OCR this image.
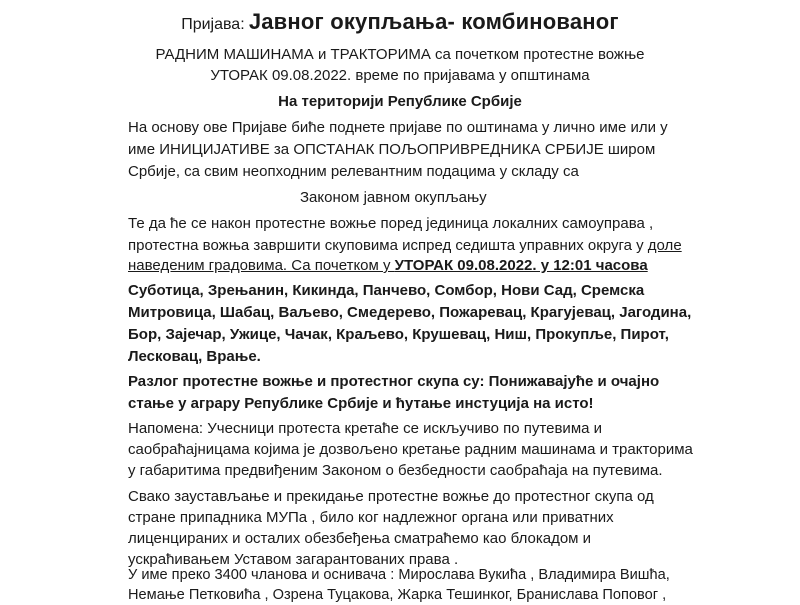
Пријава: Јавног окупљања- комбинованог
РАДНИМ МАШИНАМА и ТРАКТОРИМА са почетком протестне вожње
УТОРАК 09.08.2022. време по пријавама у општинама
На територији Републике Србије
На основу ове Пријаве биће поднете пријаве по оштинама у лично име или у
име ИНИЦИЈАТИВЕ за ОПСТАНАК ПОЉОПРИВРЕДНИКА СРБИЈЕ широм
Србије, са свим неопходним релевантним подацима у складу са
Законом јавном окупљању
Те да ће се након протестне вожње поред јединица локалних самоуправа ,
протестна вожња завршити скуповима испред седишта управних округа у доле
наведеним градовима. Са почетком у УТОРАК 09.08.2022. у 12:01 часова
Суботица, Зрењанин, Кикинда, Панчево, Сомбор, Нови Сад, Сремска
Митровица, Шабац, Ваљево, Смедерево, Пожаревац, Крагујевац, Јагодина,
Бор, Зајечар, Ужице, Чачак, Краљево, Крушевац, Ниш, Прокупље, Пирот,
Лесковац, Врање.
Разлог протестне вожње и протестног скупа су: Понижавајуће и очајно
стање у аграру Републике Србије и ћутање инстуција на исто!
Напомена: Учесници протеста кретаће се искључиво по путевима и
саобраћајницама којима је дозвољено кретање радним машинама и тракторима
у габаритима предвиђеним Законом о безбедности саобраћаја на путевима.
Свако заустављање и прекидање протестне вожње до протестног скупа од
стране припадника МУПа , било ког надлежног органа или приватних
лиценцираних и осталих обезбеђења сматраћемо као блокадом и
ускраћивањем Уставом загарантованих права .
У име преко 3400 чланова и оснивача : Мирослава Вукића , Владимира Вишћа,
Немање Петковића , Озрена Туцакова, Жарка Тешинког, Бранислава Поповог ,
